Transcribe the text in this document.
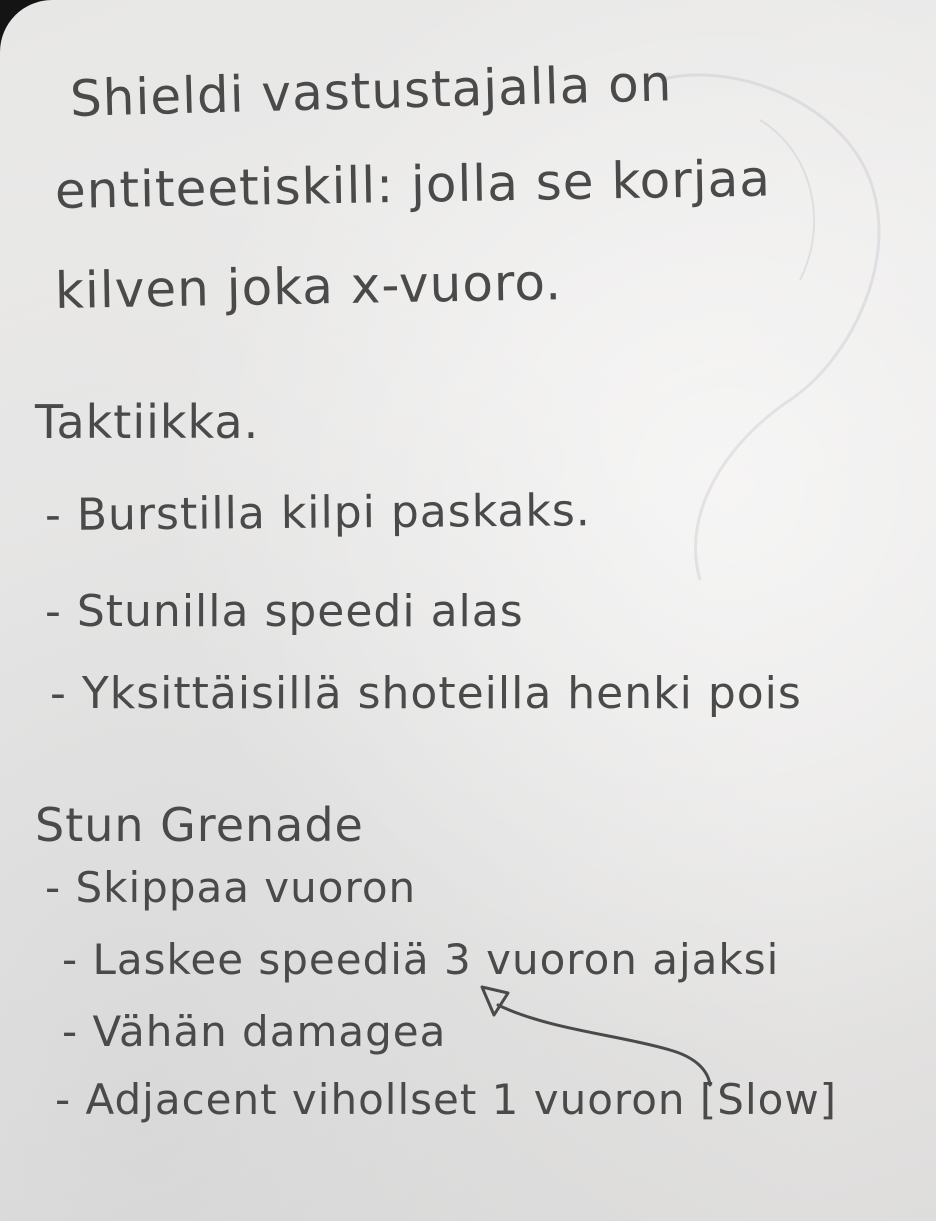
Shieldi vastustajalla on

entiteetiskill: jolla se korjaa

kilven joka x-vuoro.

Taktiikka.

- Burstilla kilpi paskaks.

- Stunilla speedi alas

- Yksittäisillä shoteilla henki pois

Stun Grenade

- Skippaa vuoron

- Laskee speediä 3 vuoron ajaksi

- Vähän damagea

- Adjacent vihollset 1 vuoron [Slow]
